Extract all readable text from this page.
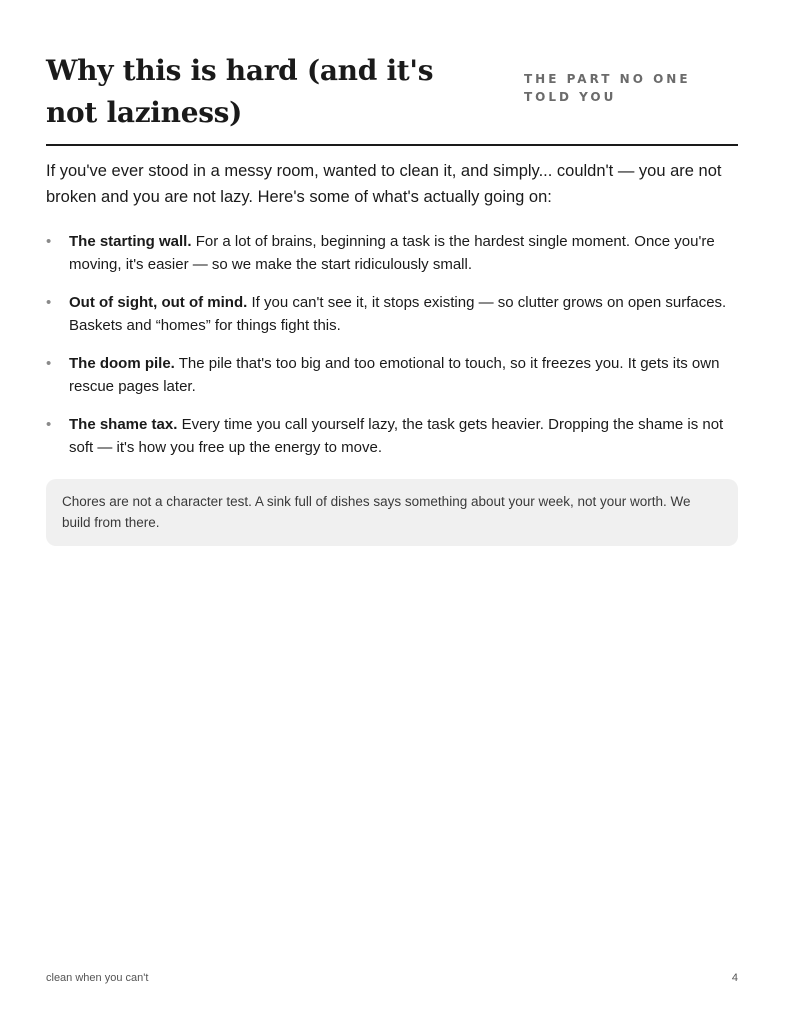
Why this is hard (and it's not laziness)
THE PART NO ONE TOLD YOU

If you've ever stood in a messy room, wanted to clean it, and simply... couldn't — you are not broken and you are not lazy. Here's some of what's actually going on:

• The starting wall. For a lot of brains, beginning a task is the hardest single moment. Once you're moving, it's easier — so we make the start ridiculously small.
• Out of sight, out of mind. If you can't see it, it stops existing — so clutter grows on open surfaces. Baskets and “homes” for things fight this.
• The doom pile. The pile that's too big and too emotional to touch, so it freezes you. It gets its own rescue pages later.
• The shame tax. Every time you call yourself lazy, the task gets heavier. Dropping the shame is not soft — it's how you free up the energy to move.
Chores are not a character test. A sink full of dishes says something about your week, not your worth. We build from there.
clean when you can't	4
